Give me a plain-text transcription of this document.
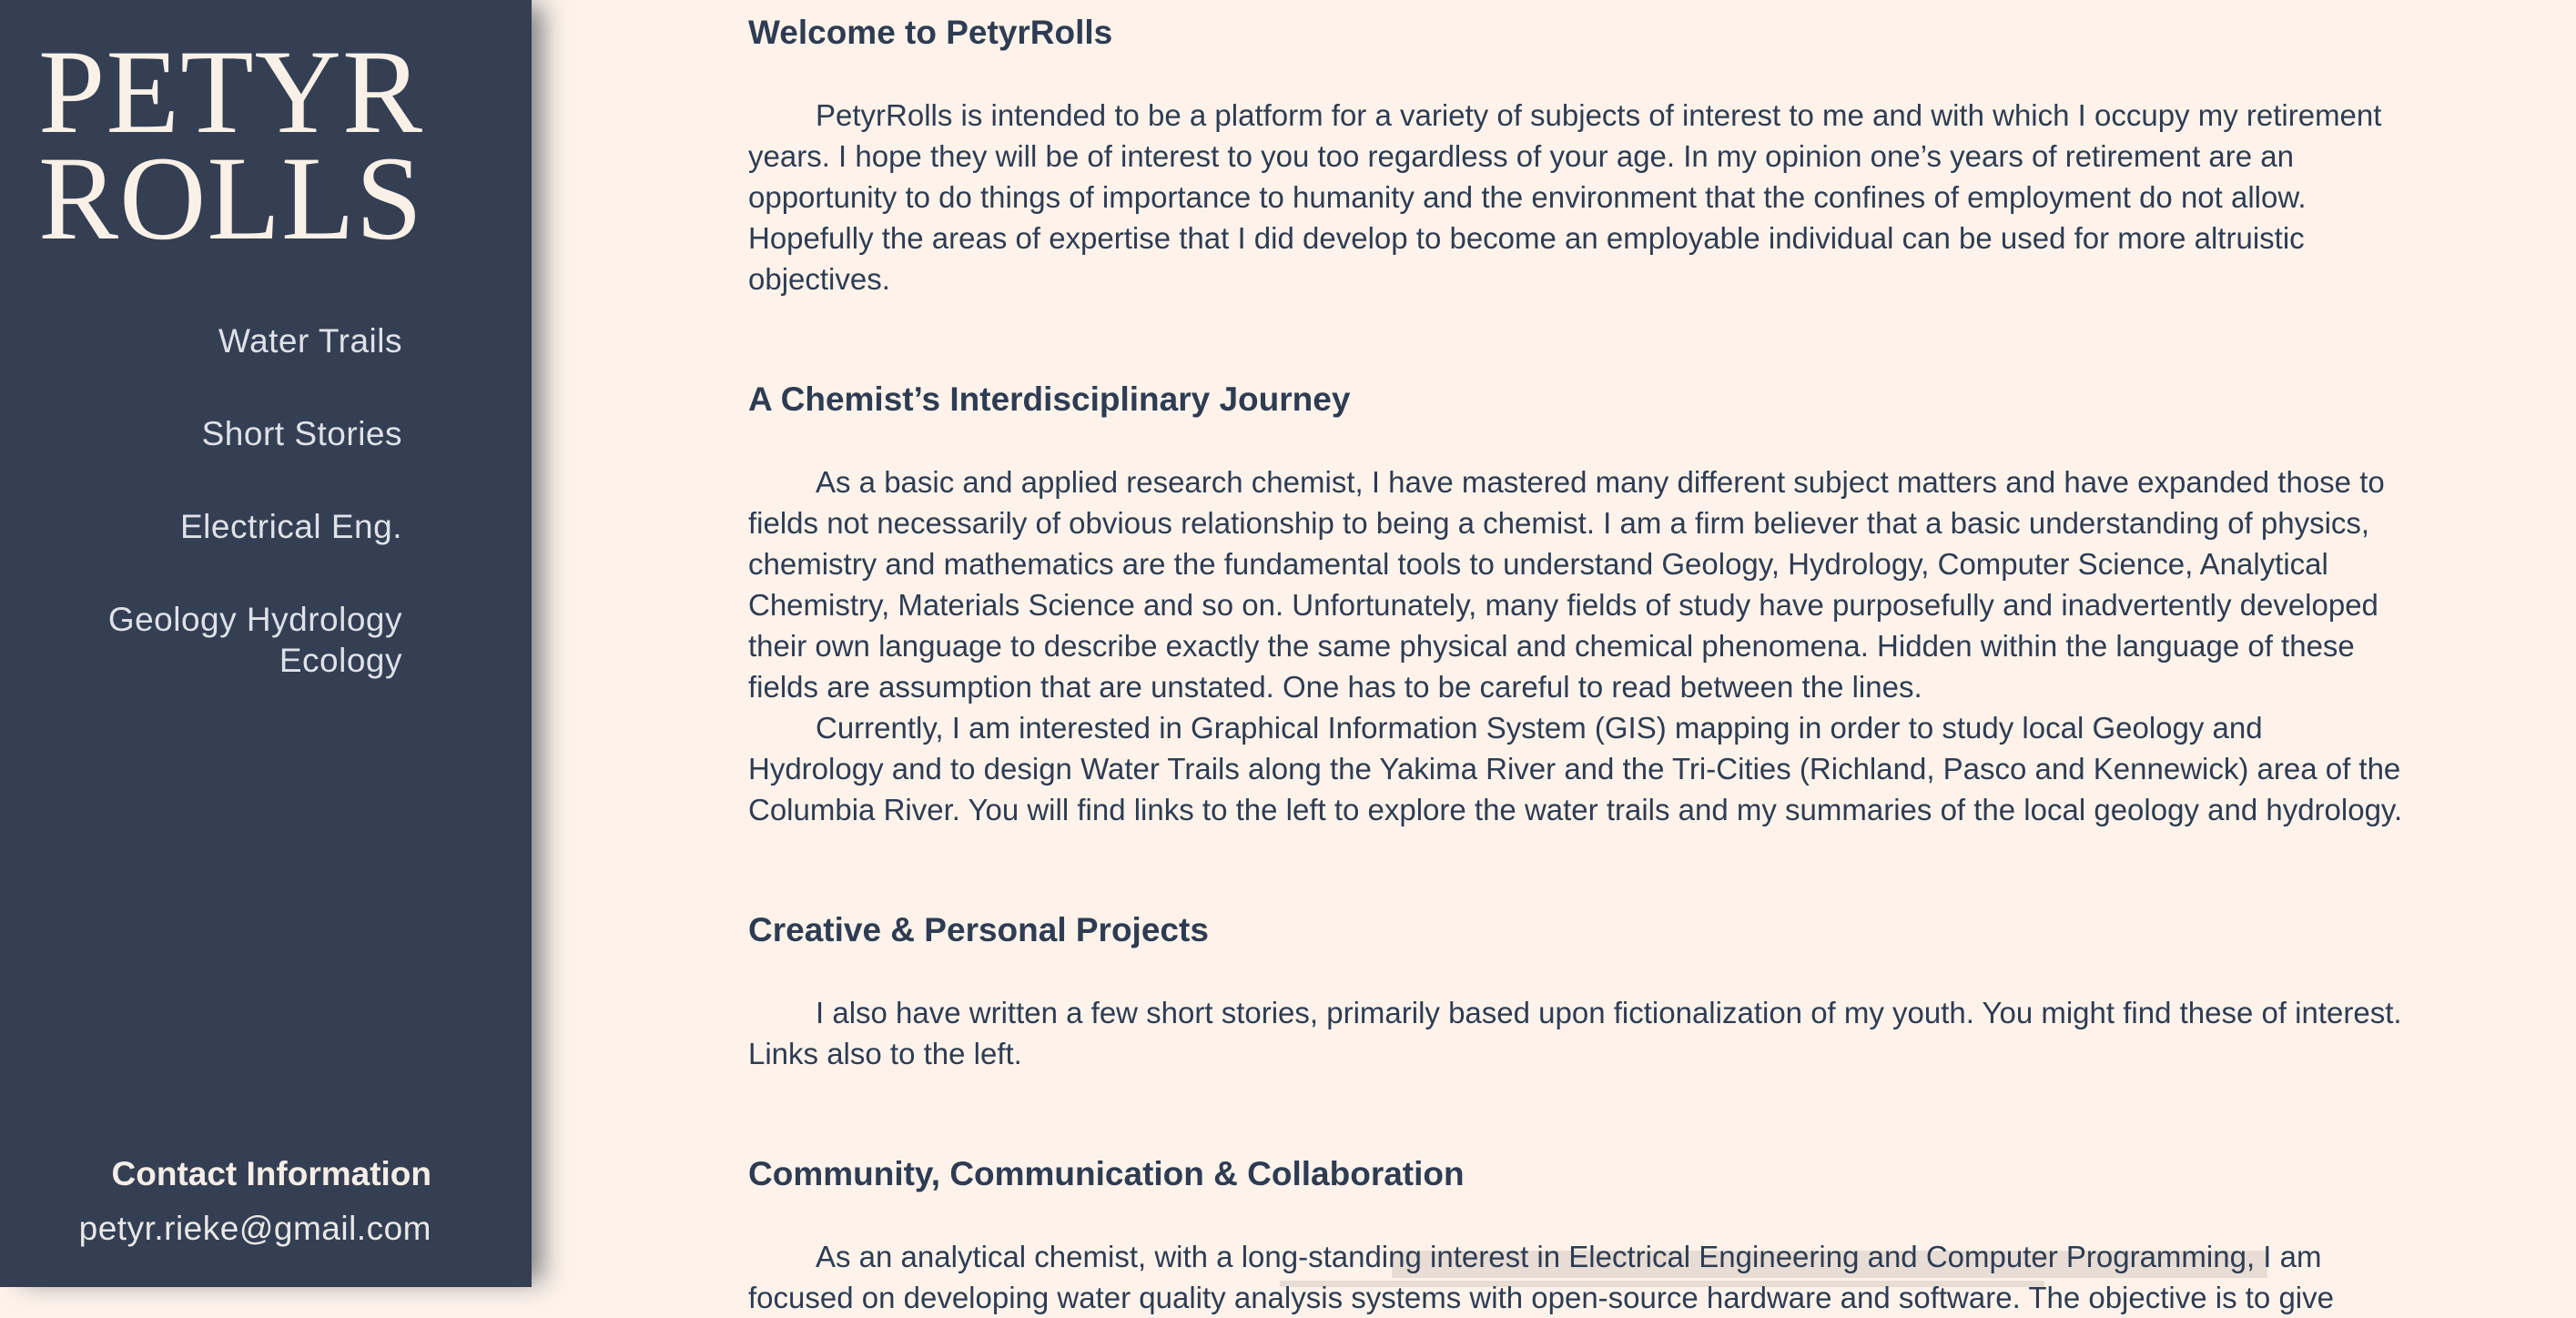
PETYR
ROLLS
Water Trails
Short Stories
Electrical Eng.
Geology Hydrology Ecology
Contact Information
petyr.rieke@gmail.com
Welcome to PetyrRolls

PetyrRolls is intended to be a platform for a variety of subjects of interest to me and with which I occupy my retirement years. I hope they will be of interest to you too regardless of your age. In my opinion one’s years of retirement are an opportunity to do things of importance to humanity and the environment that the confines of employment do not allow. Hopefully the areas of expertise that I did develop to become an employable individual can be used for more altruistic objectives.

A Chemist’s Interdisciplinary Journey

As a basic and applied research chemist, I have mastered many different subject matters and have expanded those to fields not necessarily of obvious relationship to being a chemist. I am a firm believer that a basic understanding of physics, chemistry and mathematics are the fundamental tools to understand Geology, Hydrology, Computer Science, Analytical Chemistry, Materials Science and so on. Unfortunately, many fields of study have purposefully and inadvertently developed their own language to describe exactly the same physical and chemical phenomena. Hidden within the language of these fields are assumption that are unstated. One has to be careful to read between the lines.

Currently, I am interested in Graphical Information System (GIS) mapping in order to study local Geology and Hydrology and to design Water Trails along the Yakima River and the Tri-Cities (Richland, Pasco and Kennewick) area of the Columbia River. You will find links to the left to explore the water trails and my summaries of the local geology and hydrology.

Creative & Personal Projects

I also have written a few short stories, primarily based upon fictionalization of my youth. You might find these of interest. Links also to the left.

Community, Communication & Collaboration

As an analytical chemist, with a long-standing interest in Electrical Engineering and Computer Programming, I am focused on developing water quality analysis systems with open-source hardware and software. The objective is to give
